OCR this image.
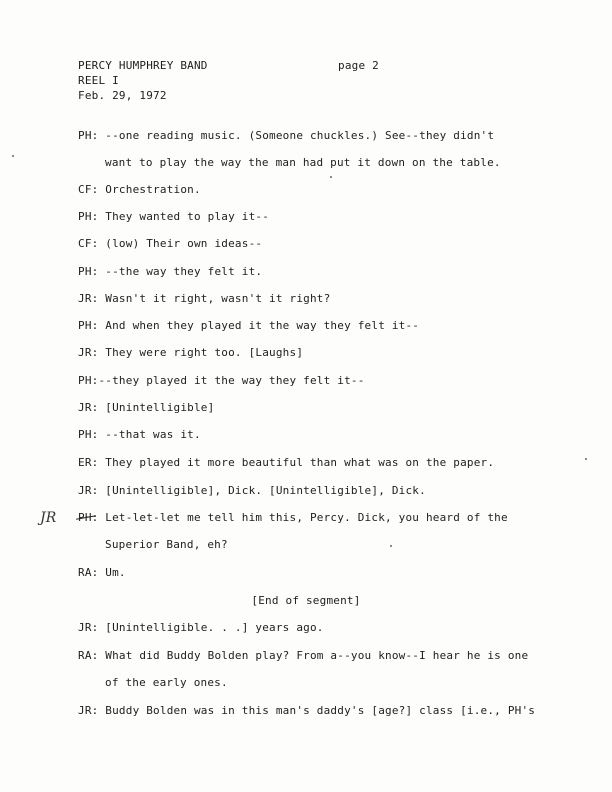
PERCY HUMPHREY BAND	page 2
REEL I
Feb. 29, 1972
PH: --one reading music. (Someone chuckles.) See--they didn't
want to play the way the man had put it down on the table.
CF: Orchestration.
PH: They wanted to play it--
CF: (low) Their own ideas--
PH: --the way they felt it.
JR: Wasn't it right, wasn't it right?
PH: And when they played it the way they felt it--
JR: They were right too. [Laughs]
PH:--they played it the way they felt it--
JR: [Unintelligible]
PH: --that was it.
ER: They played it more beautiful than what was on the paper.
JR: [Unintelligible], Dick. [Unintelligible], Dick.
PH: Let-let-let me tell him this, Percy. Dick, you heard of the
Superior Band, eh?
RA: Um.
[End of segment]
JR: [Unintelligible. . .] years ago.
RA: What did Buddy Bolden play? From a--you know--I hear he is one
of the early ones.
JR: Buddy Bolden was in this man's daddy's [age?] class [i.e., PH's
JR
